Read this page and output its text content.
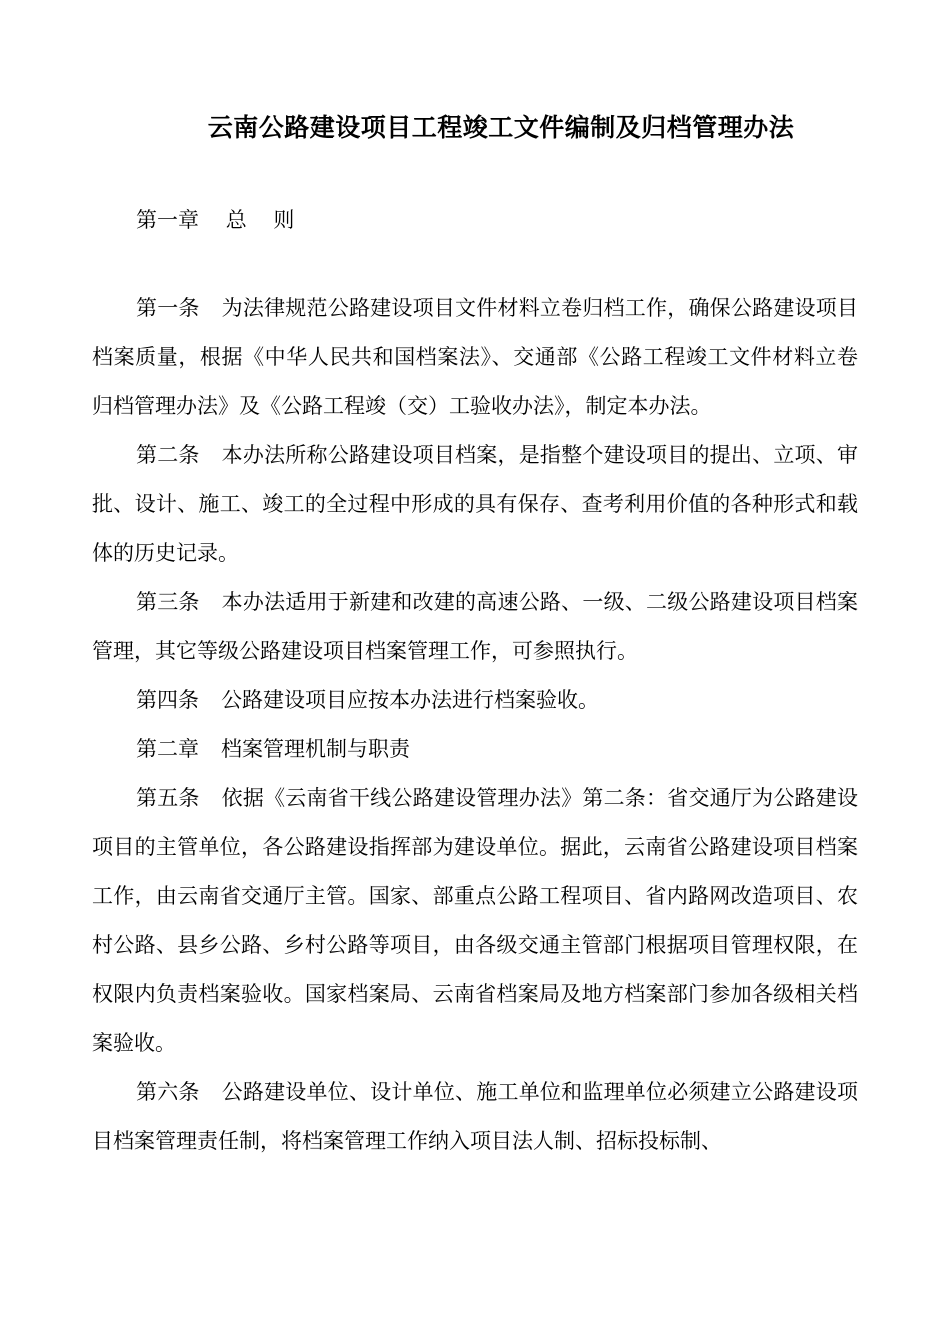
云南公路建设项目工程竣工文件编制及归档管理办法
第一章    总    则

第一条 为法律规范公路建设项目文件材料立卷归档工作，确保公路建设项目档案质量，根据《中华人民共和国档案法》、交通部《公路工程竣工文件材料立卷归档管理办法》及《公路工程竣（交）工验收办法》，制定本办法。

第二条 本办法所称公路建设项目档案，是指整个建设项目的提出、立项、审批、设计、施工、竣工的全过程中形成的具有保存、查考利用价值的各种形式和载体的历史记录。

第三条 本办法适用于新建和改建的高速公路、一级、二级公路建设项目档案管理，其它等级公路建设项目档案管理工作，可参照执行。

第四条 公路建设项目应按本办法进行档案验收。

第二章 档案管理机制与职责

第五条 依据《云南省干线公路建设管理办法》第二条：省交通厅为公路建设项目的主管单位，各公路建设指挥部为建设单位。据此，云南省公路建设项目档案工作，由云南省交通厅主管。国家、部重点公路工程项目、省内路网改造项目、农村公路、县乡公路、乡村公路等项目，由各级交通主管部门根据项目管理权限，在权限内负责档案验收。国家档案局、云南省档案局及地方档案部门参加各级相关档案验收。

第六条 公路建设单位、设计单位、施工单位和监理单位必须建立公路建设项目档案管理责任制，将档案管理工作纳入项目法人制、招标投标制、
